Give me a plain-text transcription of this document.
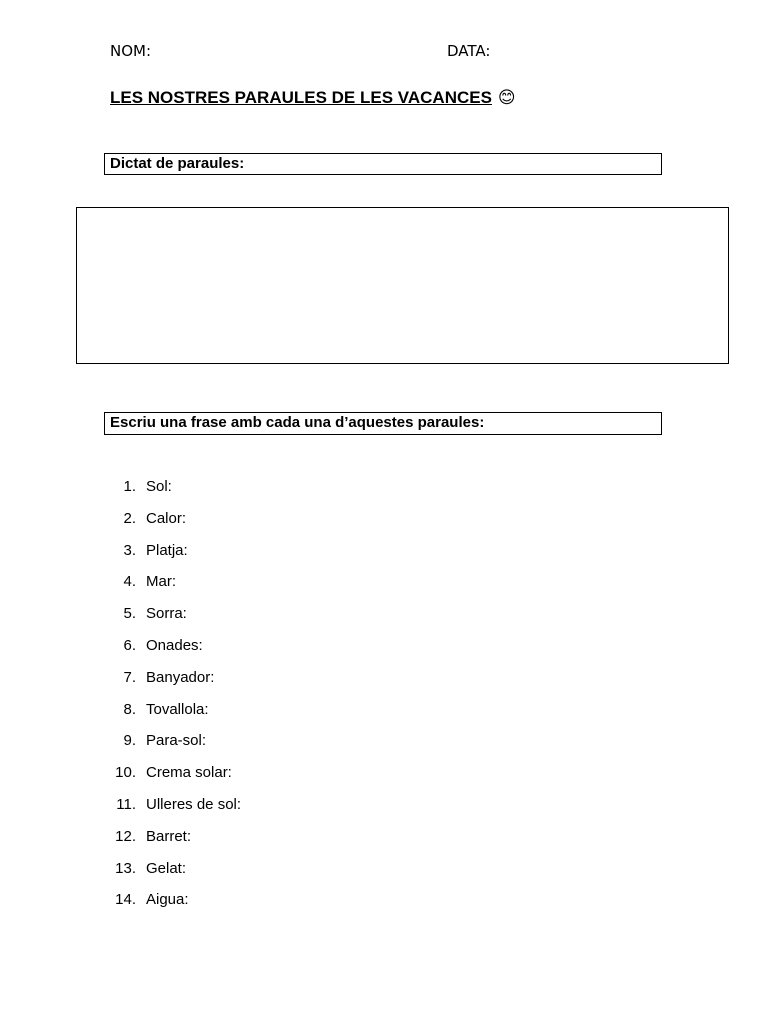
NOM:	DATA:
LES NOSTRES PARAULES DE LES VACANCES 😊
Dictat de paraules:
Escriu una frase amb cada una d’aquestes paraules:
1. Sol:
2. Calor:
3. Platja:
4. Mar:
5. Sorra:
6. Onades:
7. Banyador:
8. Tovallola:
9. Para-sol:
10. Crema solar:
11. Ulleres de sol:
12. Barret:
13. Gelat:
14. Aigua:
